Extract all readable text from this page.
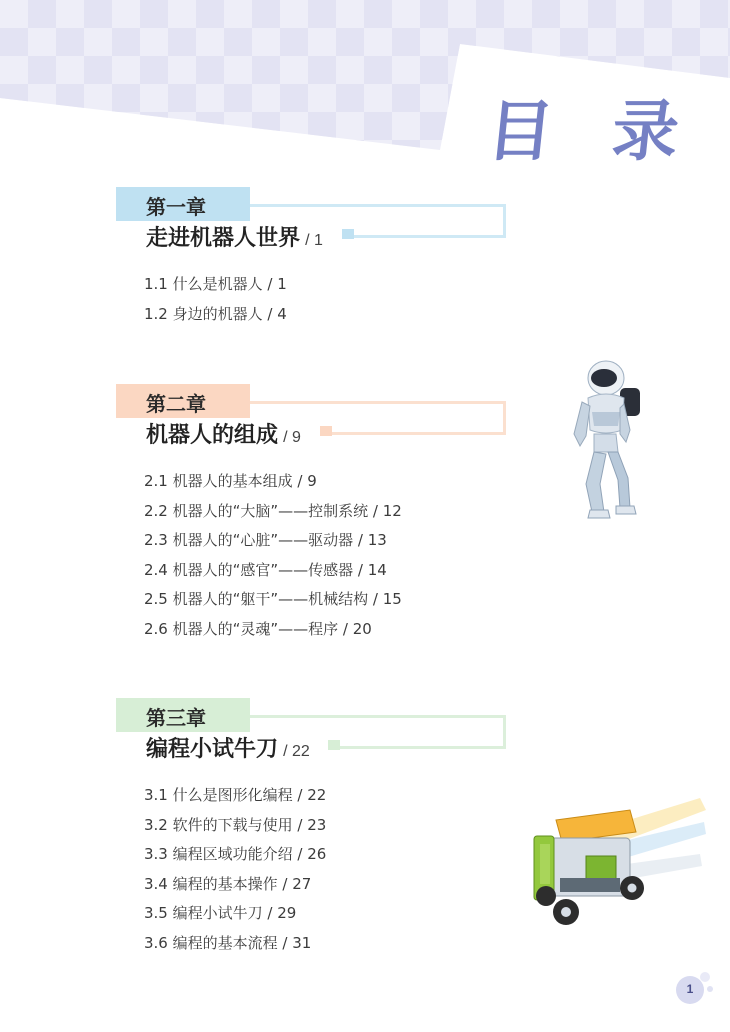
目 录
第一章
走进机器人世界 / 1
1.1 什么是机器人 / 1
1.2 身边的机器人 / 4
第二章
机器人的组成 / 9
2.1 机器人的基本组成 / 9
2.2 机器人的“大脑”——控制系统 / 12
2.3 机器人的“心脏”——驱动器 / 13
2.4 机器人的“感官”——传感器 / 14
2.5 机器人的“躯干”——机械结构 / 15
2.6 机器人的“灵魂”——程序 / 20
第三章
编程小试牛刀 / 22
3.1 什么是图形化编程 / 22
3.2 软件的下载与使用 / 23
3.3 编程区域功能介绍 / 26
3.4 编程的基本操作 / 27
3.5 编程小试牛刀 / 29
3.6 编程的基本流程 / 31
1
